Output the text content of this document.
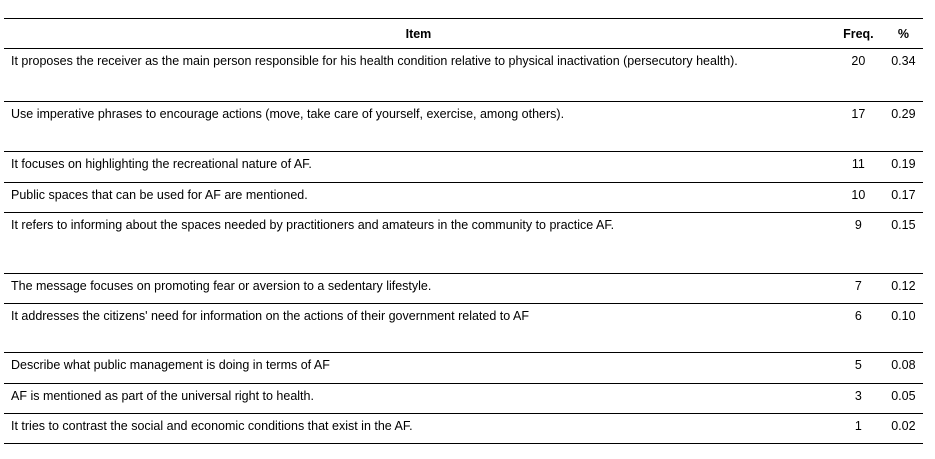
Item	Freq.	%
It proposes the receiver as the main person responsible for his health condition relative to physical inactivation (persecutory health).	20	0.34
Use imperative phrases to encourage actions (move, take care of yourself, exercise, among others).	17	0.29
It focuses on highlighting the recreational nature of AF.	11	0.19
Public spaces that can be used for AF are mentioned.	10	0.17
It refers to informing about the spaces needed by practitioners and amateurs in the community to practice AF.	9	0.15
The message focuses on promoting fear or aversion to a sedentary lifestyle.	7	0.12
It addresses the citizens' need for information on the actions of their government related to AF	6	0.10
Describe what public management is doing in terms of AF	5	0.08
AF is mentioned as part of the universal right to health.	3	0.05
It tries to contrast the social and economic conditions that exist in the AF.	1	0.02
